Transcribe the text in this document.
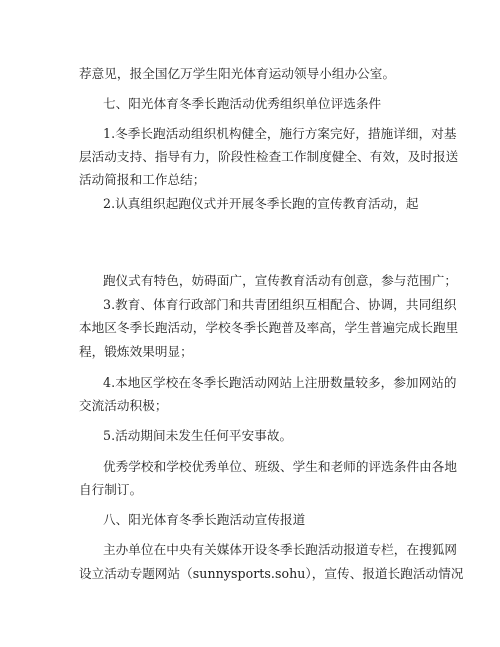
荐意见，报全国亿万学生阳光体育运动领导小组办公室。
七、阳光体育冬季长跑活动优秀组织单位评选条件
1.冬季长跑活动组织机构健全，施行方案完好，措施详细，对基
层活动支持、指导有力，阶段性检查工作制度健全、有效，及时报送
活动简报和工作总结；
2.认真组织起跑仪式并开展冬季长跑的宣传教育活动，起
跑仪式有特色，妨碍面广，宣传教育活动有创意，参与范围广；
3.教育、体育行政部门和共青团组织互相配合、协调，共同组织
本地区冬季长跑活动，学校冬季长跑普及率高，学生普遍完成长跑里
程，锻炼效果明显；
4.本地区学校在冬季长跑活动网站上注册数量较多，参加网站的
交流活动积极；
5.活动期间未发生任何平安事故。
优秀学校和学校优秀单位、班级、学生和老师的评选条件由各地
自行制订。
八、阳光体育冬季长跑活动宣传报道
主办单位在中央有关媒体开设冬季长跑活动报道专栏，在搜狐网
设立活动专题网站（sunnysports.sohu），宣传、报道长跑活动情况
